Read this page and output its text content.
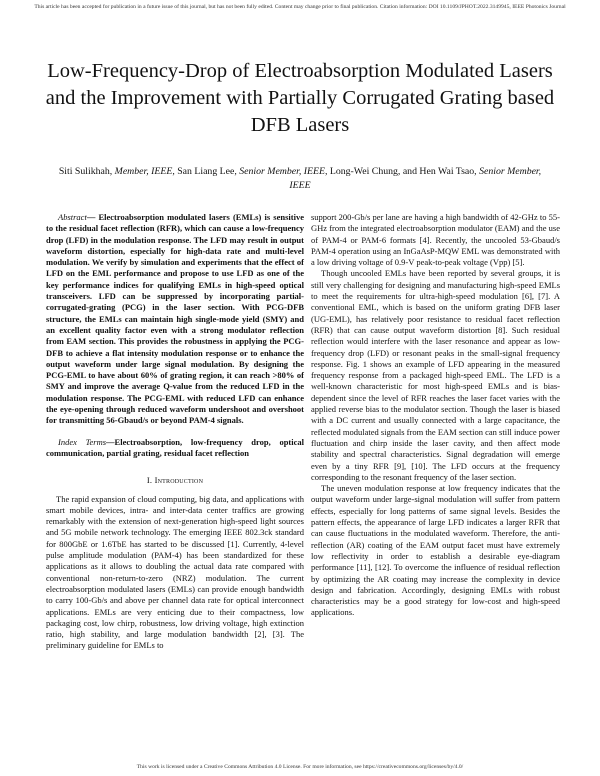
This article has been accepted for publication in a future issue of this journal, but has not been fully edited. Content may change prior to final publication. Citation information: DOI 10.1109/JPHOT.2022.3149945, IEEE Photonics Journal
Low-Frequency-Drop of Electroabsorption Modulated Lasers and the Improvement with Partially Corrugated Grating based DFB Lasers
Siti Sulikhah, Member, IEEE, San Liang Lee, Senior Member, IEEE, Long-Wei Chung, and Hen Wai Tsao, Senior Member, IEEE

Abstract— Electroabsorption modulated lasers (EMLs) is sensitive to the residual facet reflection (RFR), which can cause a low-frequency drop (LFD) in the modulation response. The LFD may result in output waveform distortion, especially for high-data rate and multi-level modulation. We verify by simulation and experiments that the effect of LFD on the EML performance and propose to use LFD as one of the key performance indices for qualifying EMLs in high-speed optical transceivers. LFD can be suppressed by incorporating partial-corrugated-grating (PCG) in the laser section. With PCG-DFB structure, the EMLs can maintain high single-mode yield (SMY) and an excellent quality factor even with a strong modulator reflection from EAM section. This provides the robustness in applying the PCG-DFB to achieve a flat intensity modulation response or to enhance the output waveform under large signal modulation. By designing the PCG-EML to have about 60% of grating region, it can reach >80% of SMY and improve the average Q-value from the reduced LFD in the modulation response. The PCG-EML with reduced LFD can enhance the eye-opening through reduced waveform undershoot and overshoot for transmitting 56-Gbaud/s or beyond PAM-4 signals.

Index Terms—Electroabsorption, low-frequency drop, optical communication, partial grating, residual facet reflection

I. Introduction

The rapid expansion of cloud computing, big data, and applications with smart mobile devices, intra- and inter-data center traffics are growing remarkably with the extension of next-generation high-speed light sources and 5G mobile network technology. The emerging IEEE 802.3ck standard for 800GbE or 1.6TbE has started to be discussed [1]. Currently, 4-level pulse amplitude modulation (PAM-4) has been standardized for these applications as it allows to doubling the actual data rate compared with conventional non-return-to-zero (NRZ) modulation. The current electroabsorption modulated lasers (EMLs) can provide enough bandwidth to carry 100-Gb/s and above per channel data rate for optical interconnect applications. EMLs are very enticing due to their compactness, low packaging cost, low chirp, robustness, low driving voltage, high extinction ratio, high stability, and large modulation bandwidth [2], [3]. The preliminary guideline for EMLs to

support 200-Gb/s per lane are having a high bandwidth of 42-GHz to 55-GHz from the integrated electroabsorption modulator (EAM) and the use of PAM-4 or PAM-6 formats [4]. Recently, the uncooled 53-Gbaud/s PAM-4 operation using an InGaAsP-MQW EML was demonstrated with a low driving voltage of 0.9-V peak-to-peak voltage (Vpp) [5].

Though uncooled EMLs have been reported by several groups, it is still very challenging for designing and manufacturing high-speed EMLs to meet the requirements for ultra-high-speed modulation [6], [7]. A conventional EML, which is based on the uniform grating DFB laser (UG-EML), has relatively poor resistance to residual facet reflection (RFR) that can cause output waveform distortion [8]. Such residual reflection would interfere with the laser resonance and appear as low-frequency drop (LFD) or resonant peaks in the small-signal frequency response. Fig. 1 shows an example of LFD appearing in the measured frequency response from a packaged high-speed EML. The LFD is a well-known characteristic for most high-speed EMLs and is bias-dependent since the level of RFR reaches the laser facet varies with the applied reverse bias to the modulator section. Though the laser is biased with a DC current and usually connected with a large capacitance, the reflected modulated signals from the EAM section can still induce power fluctuation and chirp inside the laser cavity, and then affect mode stability and spectral characteristics. Signal degradation will emerge even by a tiny RFR [9], [10]. The LFD occurs at the frequency corresponding to the resonant frequency of the laser section.

The uneven modulation response at low frequency indicates that the output waveform under large-signal modulation will suffer from pattern effects, especially for long patterns of same signal levels. Besides the pattern effects, the appearance of large LFD indicates a larger RFR that can cause fluctuations in the modulated waveform. Therefore, the anti-reflection (AR) coating of the EAM output facet must have extremely low reflectivity in order to establish a desirable eye-diagram performance [11], [12]. To overcome the influence of residual reflection by optimizing the AR coating may increase the complexity in device design and fabrication. Accordingly, designing EMLs with robust characteristics may be a good strategy for low-cost and high-speed applications.

This work is licensed under a Creative Commons Attribution 4.0 License. For more information, see https://creativecommons.org/licenses/by/4.0/
